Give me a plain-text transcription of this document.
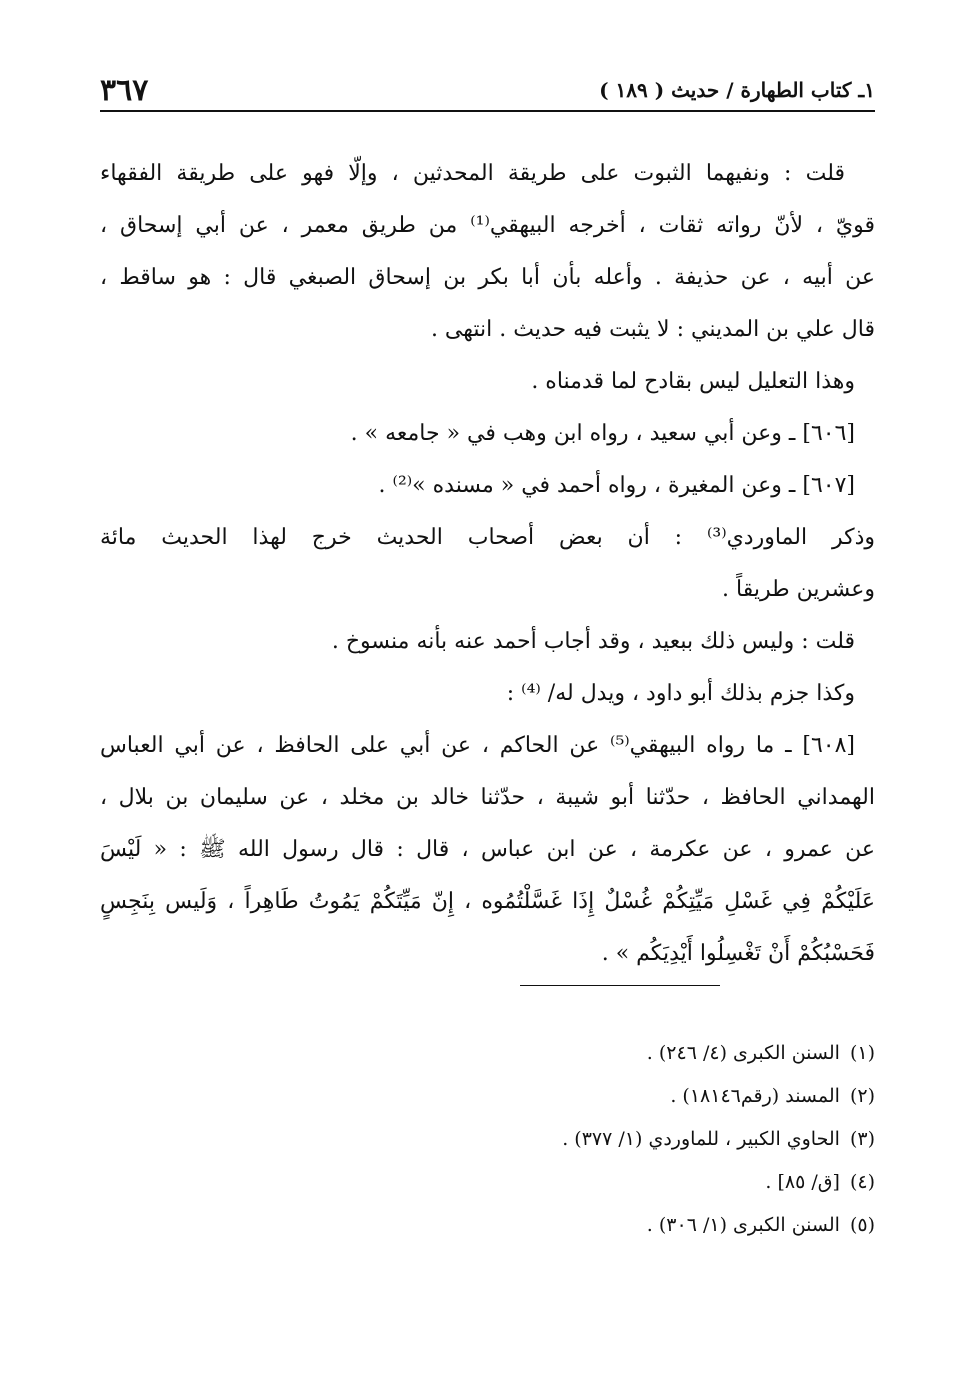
١ـ كتاب الطهارة / حديث ( ١٨٩ )
٣٦٧
قلت : ونفيهما الثبوت على طريقة المحدثين ، وإلّا فهو على طريقة الفقهاء
قويّ ، لأنّ رواته ثقات ، أخرجه البيهقي⁽¹⁾ من طريق معمر ، عن أبي إسحاق ،
عن أبيه ، عن حذيفة . وأعله بأن أبا بكر بن إسحاق الصبغي قال : هو ساقط ،
قال علي بن المديني : لا يثبت فيه حديث . انتهى .
وهذا التعليل ليس بقادح لما قدمناه .
[٦٠٦] ـ وعن أبي سعيد ، رواه ابن وهب في « جامعه » .
[٦٠٧] ـ وعن المغيرة ، رواه أحمد في « مسنده »⁽²⁾ .
وذكر الماوردي⁽³⁾ : أن بعض أصحاب الحديث خرج لهذا الحديث مائة
وعشرين طريقاً .
قلت : وليس ذلك ببعيد ، وقد أجاب أحمد عنه بأنه منسوخ .
وكذا جزم بذلك أبو داود ، ويدل له/ ⁽⁴⁾ :
[٦٠٨] ـ ما رواه البيهقي⁽⁵⁾ عن الحاكم ، عن أبي على الحافظ ، عن أبي العباس
الهمداني الحافظ ، حدّثنا أبو شيبة ، حدّثنا خالد بن مخلد ، عن سليمان بن بلال ،
عن عمرو ، عن عكرمة ، عن ابن عباس ، قال : قال رسول الله ﷺ : « لَيْسَ
عَلَيْكُمْ فِي غَسْلِ مَيِّتِكُمْ غُسْلٌ إِذَا غَسَّلْتُمُوه ، إِنّ مَيِّتَكُمْ يَمُوتُ طَاهِراً ، وَلَيس بِنَجِسٍ
فَحَسْبُكُمْ أَنْ تَغْسِلُوا أَيْدِيَكُم » .
(١)السنن الكبرى (٤/ ٢٤٦) .
(٢)المسند (رقم١٨١٤٦) .
(٣)الحاوي الكبير ، للماوردي (١/ ٣٧٧) .
(٤)[ق/ ٨٥] .
(٥)السنن الكبرى (١/ ٣٠٦) .
